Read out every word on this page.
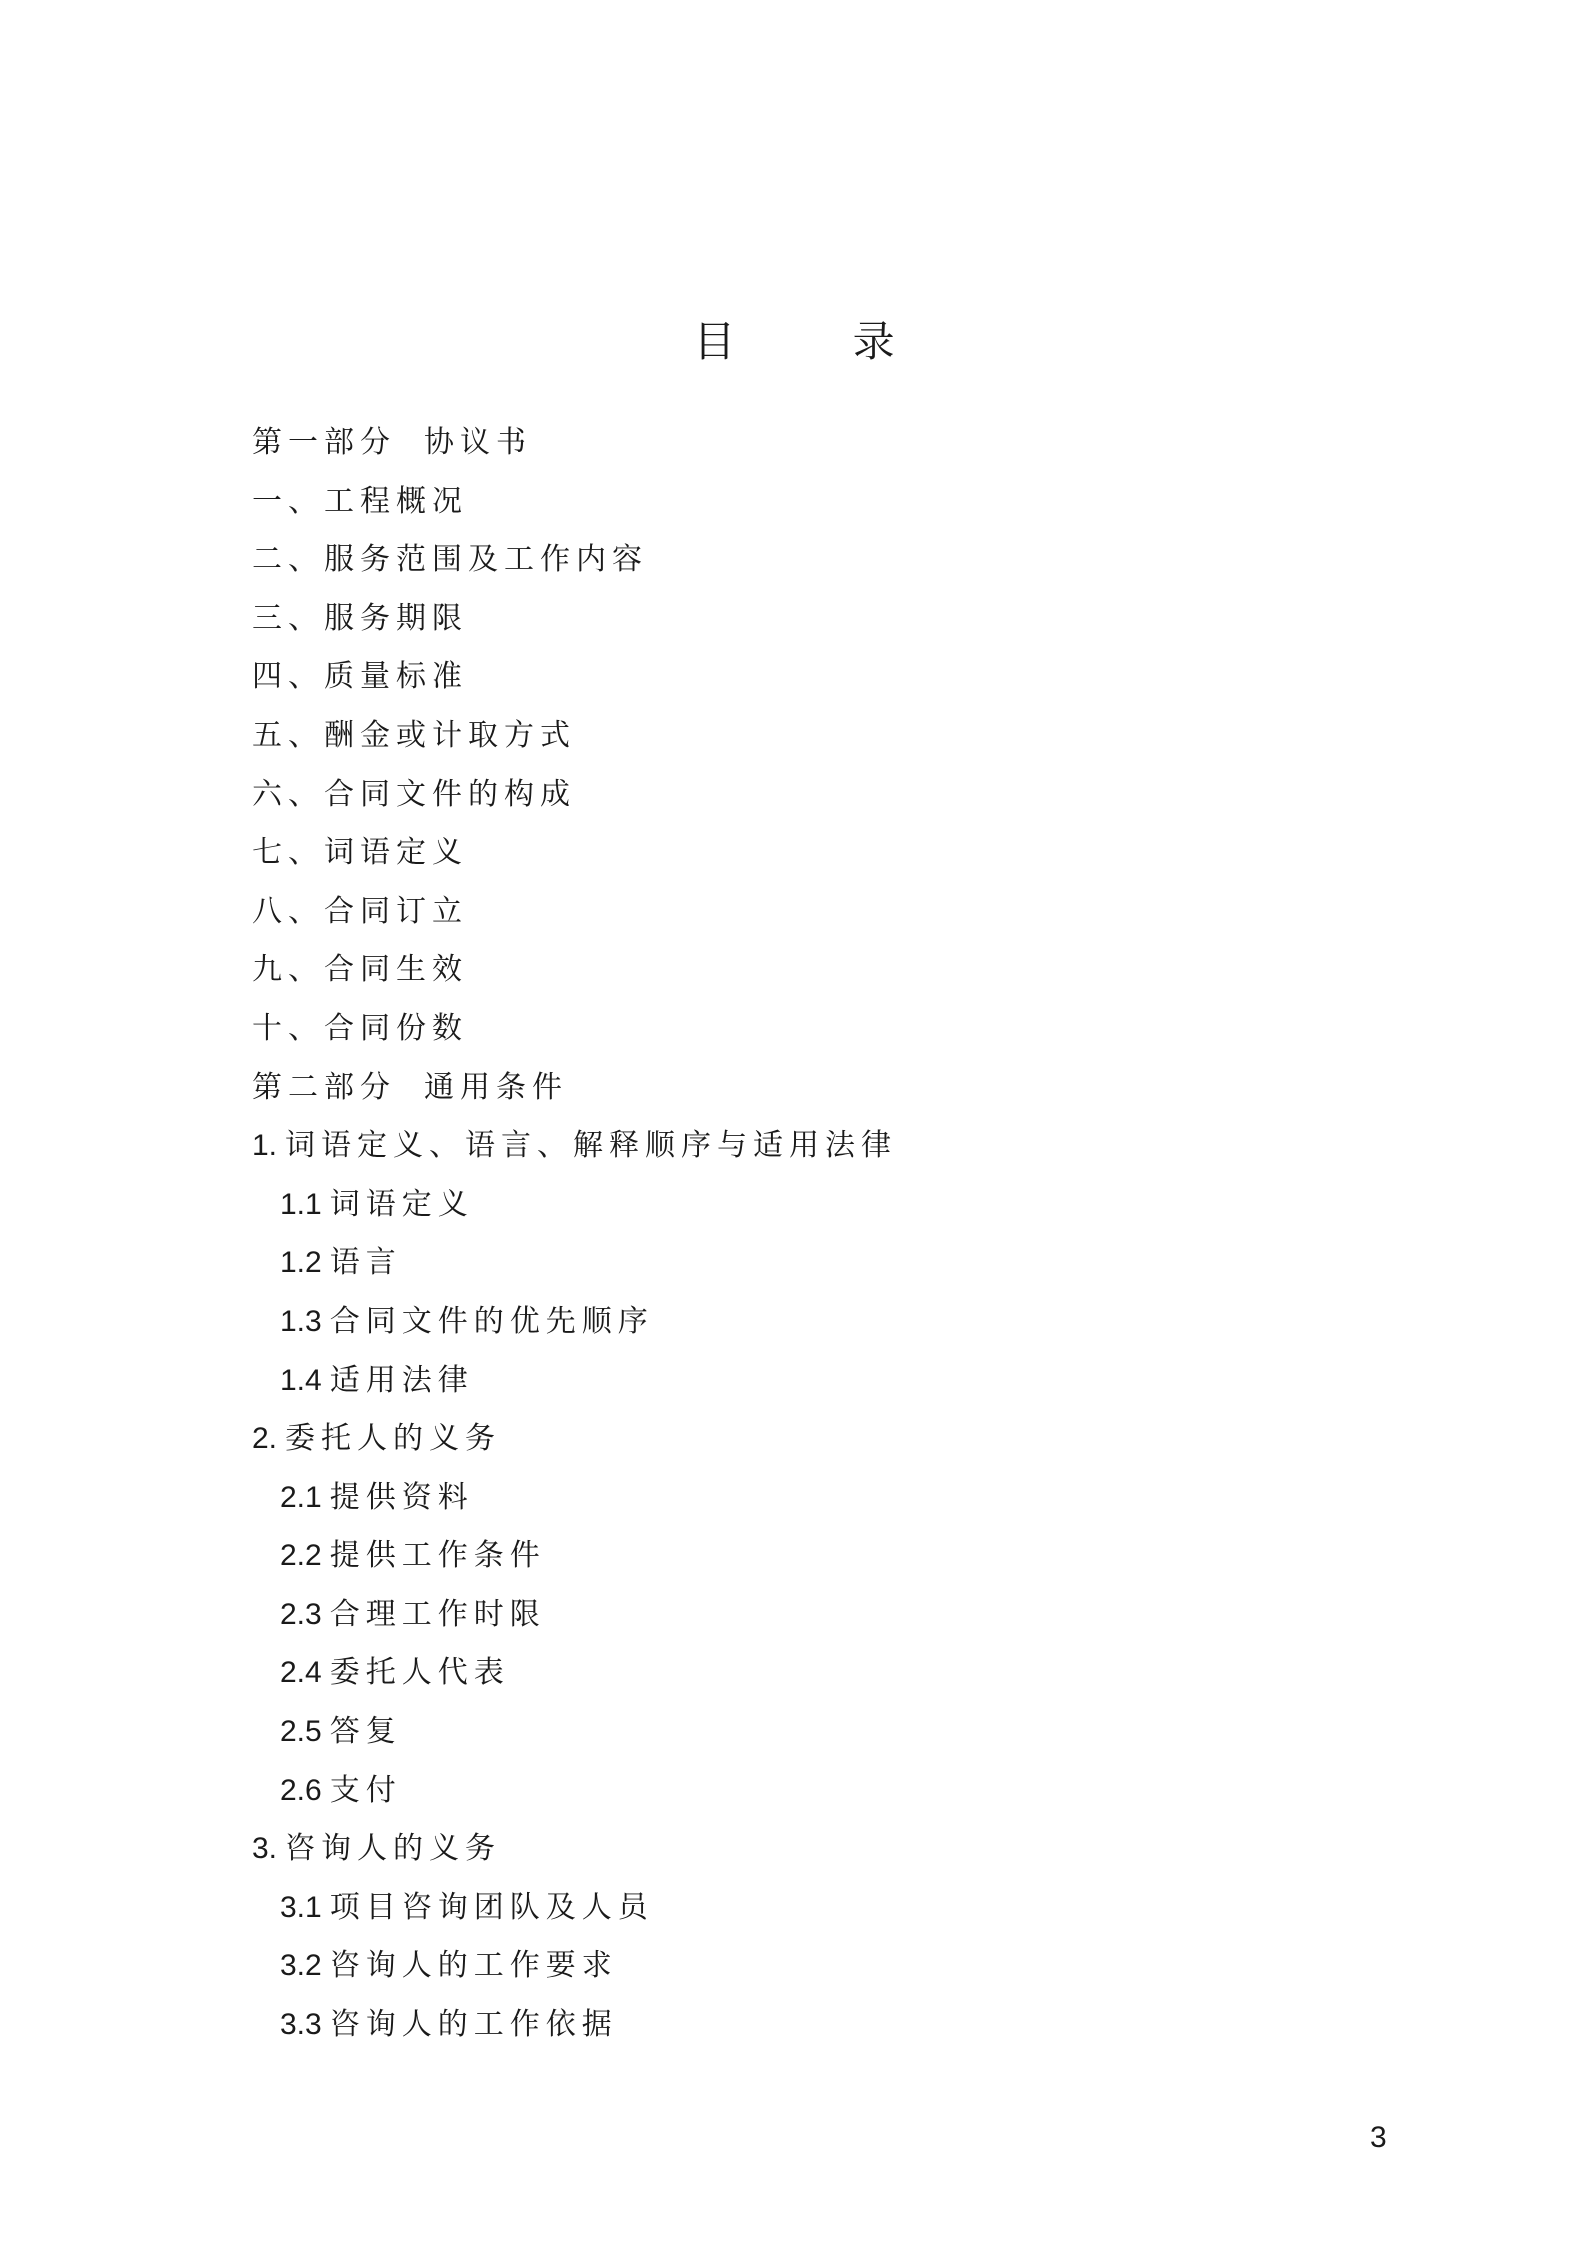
目 录
第一部分 协议书
一、工程概况
二、服务范围及工作内容
三、服务期限
四、质量标准
五、酬金或计取方式
六、合同文件的构成
七、词语定义
八、合同订立
九、合同生效
十、合同份数
第二部分 通用条件
1. 词语定义、语言、解释顺序与适用法律
1.1 词语定义
1.2 语言
1.3 合同文件的优先顺序
1.4 适用法律
2. 委托人的义务
2.1 提供资料
2.2 提供工作条件
2.3 合理工作时限
2.4 委托人代表
2.5 答复
2.6 支付
3. 咨询人的义务
3.1 项目咨询团队及人员
3.2 咨询人的工作要求
3.3 咨询人的工作依据
3
